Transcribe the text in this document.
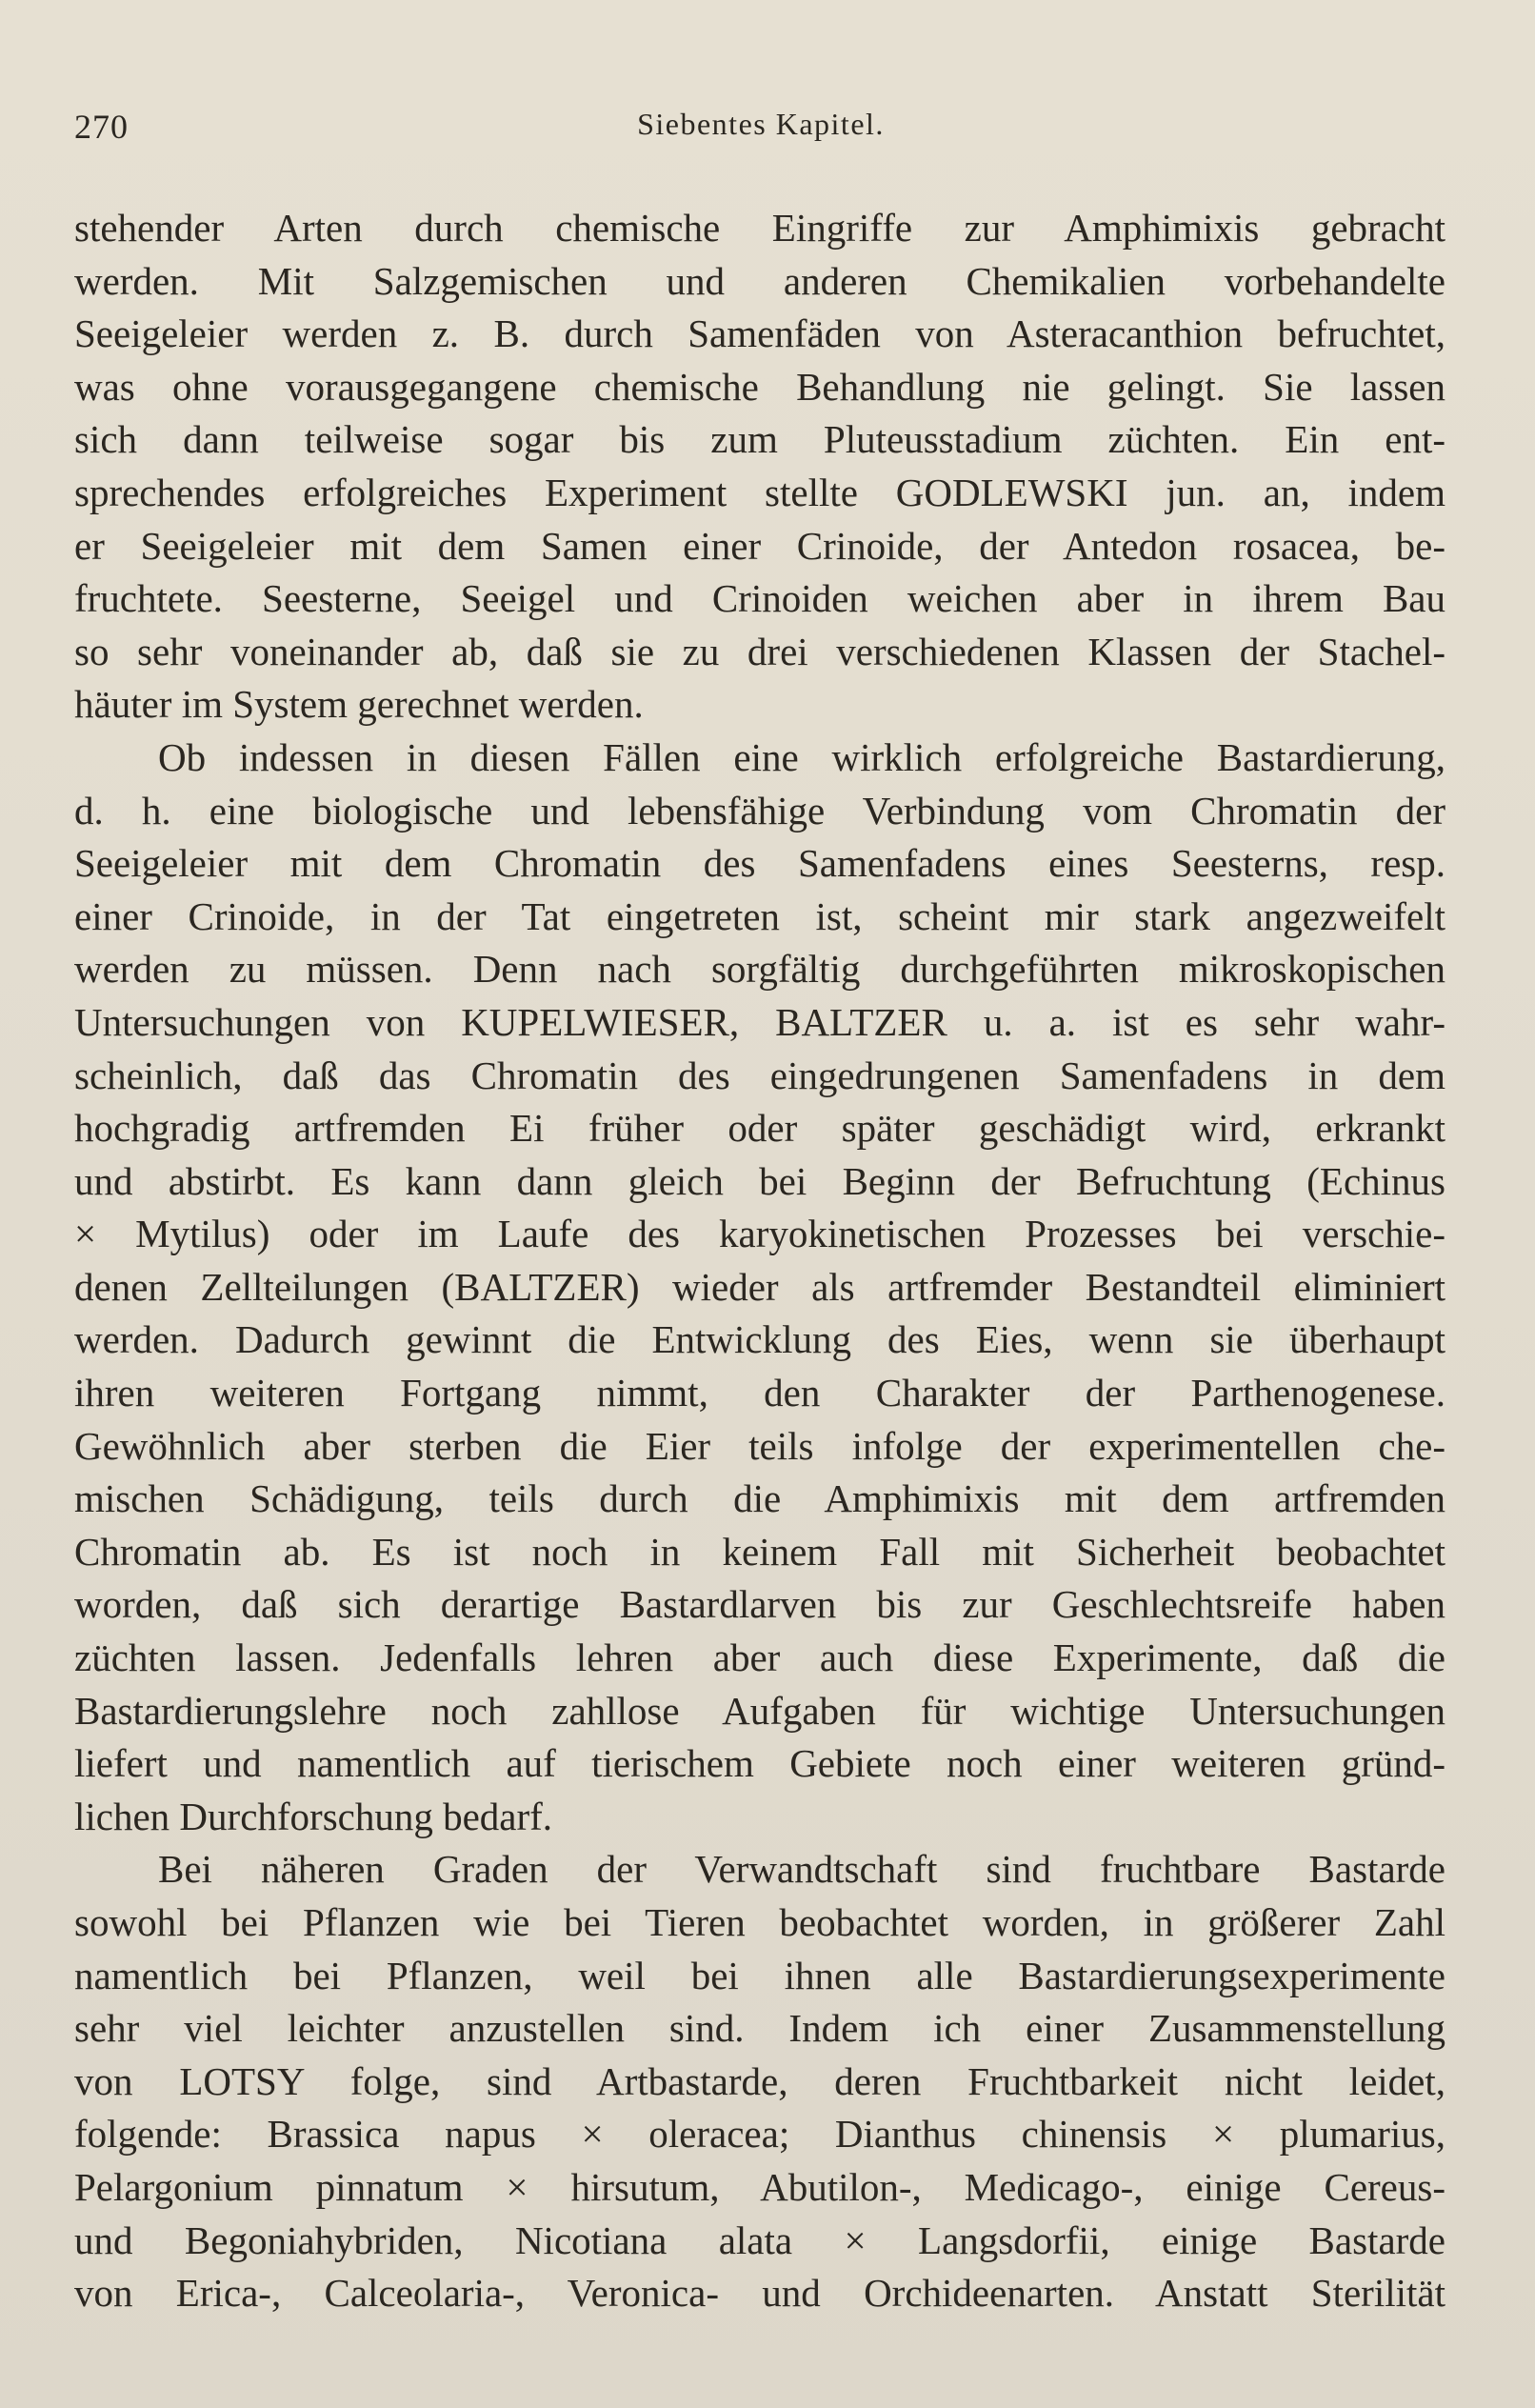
270	Siebentes Kapitel.
stehender Arten durch chemische Eingriffe zur Amphimixis gebracht
werden. Mit Salzgemischen und anderen Chemikalien vorbehandelte
Seeigeleier werden z. B. durch Samenfäden von Asteracanthion befruchtet,
was ohne vorausgegangene chemische Behandlung nie gelingt. Sie lassen
sich dann teilweise sogar bis zum Pluteusstadium züchten. Ein ent-
sprechendes erfolgreiches Experiment stellte GODLEWSKI jun. an, indem
er Seeigeleier mit dem Samen einer Crinoide, der Antedon rosacea, be-
fruchtete. Seesterne, Seeigel und Crinoiden weichen aber in ihrem Bau
so sehr voneinander ab, daß sie zu drei verschiedenen Klassen der Stachel-
häuter im System gerechnet werden.
Ob indessen in diesen Fällen eine wirklich erfolgreiche Bastardierung,
d. h. eine biologische und lebensfähige Verbindung vom Chromatin der
Seeigeleier mit dem Chromatin des Samenfadens eines Seesterns, resp.
einer Crinoide, in der Tat eingetreten ist, scheint mir stark angezweifelt
werden zu müssen. Denn nach sorgfältig durchgeführten mikroskopischen
Untersuchungen von KUPELWIESER, BALTZER u. a. ist es sehr wahr-
scheinlich, daß das Chromatin des eingedrungenen Samenfadens in dem
hochgradig artfremden Ei früher oder später geschädigt wird, erkrankt
und abstirbt. Es kann dann gleich bei Beginn der Befruchtung (Echinus
× Mytilus) oder im Laufe des karyokinetischen Prozesses bei verschie-
denen Zellteilungen (BALTZER) wieder als artfremder Bestandteil eliminiert
werden. Dadurch gewinnt die Entwicklung des Eies, wenn sie überhaupt
ihren weiteren Fortgang nimmt, den Charakter der Parthenogenese.
Gewöhnlich aber sterben die Eier teils infolge der experimentellen che-
mischen Schädigung, teils durch die Amphimixis mit dem artfremden
Chromatin ab. Es ist noch in keinem Fall mit Sicherheit beobachtet
worden, daß sich derartige Bastardlarven bis zur Geschlechtsreife haben
züchten lassen. Jedenfalls lehren aber auch diese Experimente, daß die
Bastardierungslehre noch zahllose Aufgaben für wichtige Untersuchungen
liefert und namentlich auf tierischem Gebiete noch einer weiteren gründ-
lichen Durchforschung bedarf.
Bei näheren Graden der Verwandtschaft sind fruchtbare Bastarde
sowohl bei Pflanzen wie bei Tieren beobachtet worden, in größerer Zahl
namentlich bei Pflanzen, weil bei ihnen alle Bastardierungsexperimente
sehr viel leichter anzustellen sind. Indem ich einer Zusammenstellung
von LOTSY folge, sind Artbastarde, deren Fruchtbarkeit nicht leidet,
folgende: Brassica napus × oleracea; Dianthus chinensis × plumarius,
Pelargonium pinnatum × hirsutum, Abutilon-, Medicago-, einige Cereus-
und Begoniahybriden, Nicotiana alata × Langsdorfii, einige Bastarde
von Erica-, Calceolaria-, Veronica- und Orchideenarten. Anstatt Sterilität
